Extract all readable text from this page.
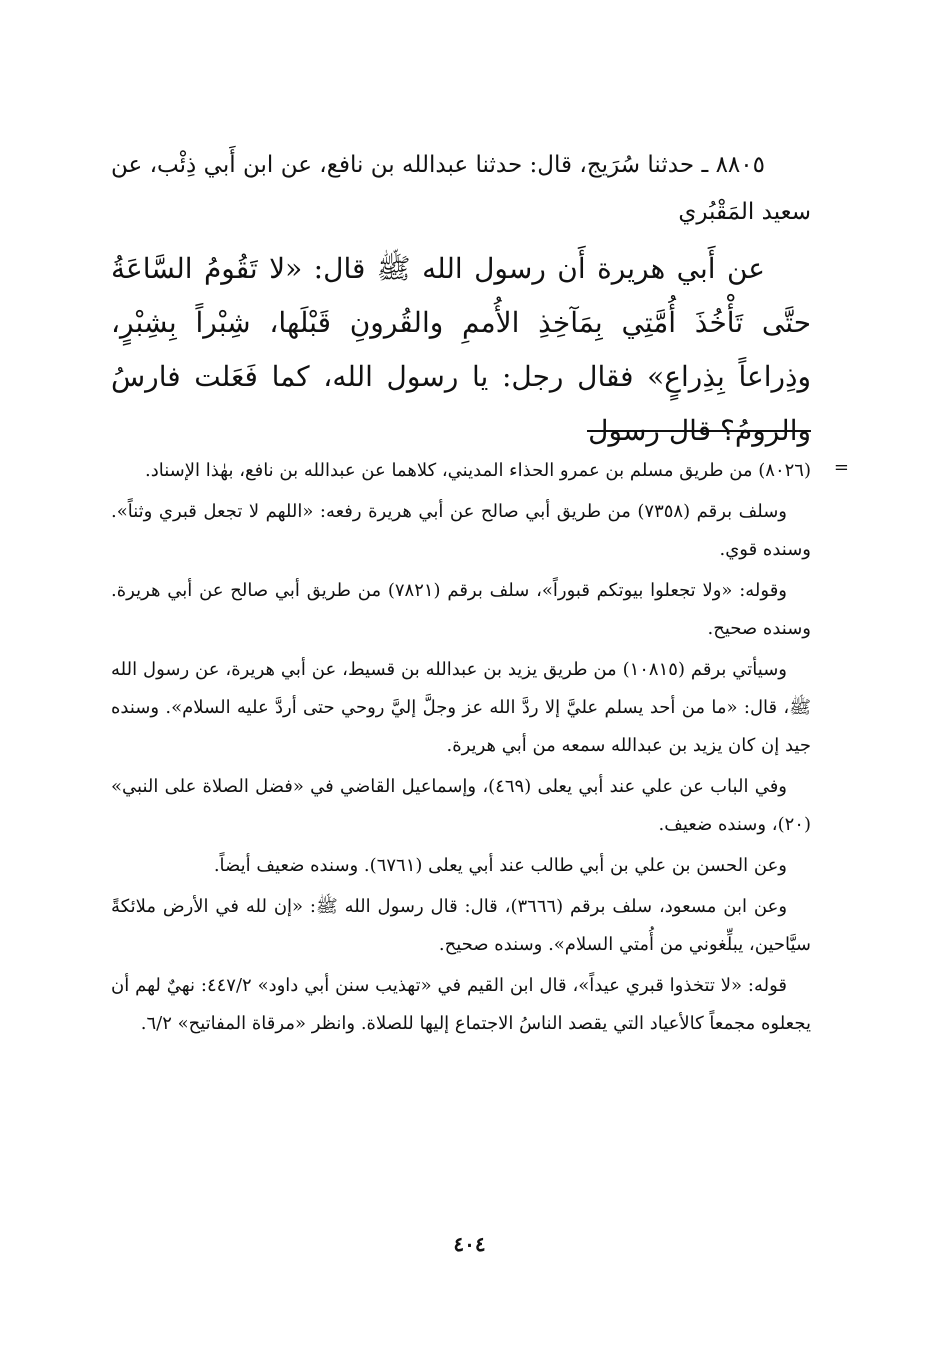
٨٨٠٥ ـ حدثنا سُرَيج، قال: حدثنا عبدالله بن نافع، عن ابن أَبي ذِئْب، عن سعيد المَقْبُري

عن أَبي هريرة أَن رسول الله ﷺ قال: «لا تَقُومُ السَّاعَةُ حتَّى تَأْخُذَ أُمَّتِي بِمَآخِذِ الأُممِ والقُرونِ قَبْلَها، شِبْراً بِشِبْرٍ، وذِراعاً بِذِراعٍ» فقال رجل: يا رسول الله، كما فَعَلت فارسُ والرومُ؟ قال رسول

=

(٨٠٢٦) من طريق مسلم بن عمرو الحذاء المديني، كلاهما عن عبدالله بن نافع، بهٰذا الإسناد.

وسلف برقم (٧٣٥٨) من طريق أبي صالح عن أبي هريرة رفعه: «اللهم لا تجعل قبري وثناً». وسنده قوي.

وقوله: «ولا تجعلوا بيوتكم قبوراً»، سلف برقم (٧٨٢١) من طريق أبي صالح عن أبي هريرة. وسنده صحيح.

وسيأتي برقم (١٠٨١٥) من طريق يزيد بن عبدالله بن قسيط، عن أبي هريرة، عن رسول الله ﷺ، قال: «ما من أحد يسلم عليَّ إلا ردَّ الله عز وجلَّ إليَّ روحي حتى أردَّ عليه السلام». وسنده جيد إن كان يزيد بن عبدالله سمعه من أبي هريرة.

وفي الباب عن علي عند أبي يعلى (٤٦٩)، وإسماعيل القاضي في «فضل الصلاة على النبي» (٢٠)، وسنده ضعيف.

وعن الحسن بن علي بن أبي طالب عند أبي يعلى (٦٧٦١). وسنده ضعيف أيضاً.

وعن ابن مسعود، سلف برقم (٣٦٦٦)، قال: قال رسول الله ﷺ: «إن لله في الأرض ملائكةً سيَّاحين، يبلِّغوني من أُمتي السلام». وسنده صحيح.

قوله: «لا تتخذوا قبري عيداً»، قال ابن القيم في «تهذيب سنن أبي داود» ٤٤٧/٢: نهيٌ لهم أن يجعلوه مجمعاً كالأعياد التي يقصد الناسُ الاجتماع إليها للصلاة. وانظر «مرقاة المفاتيح» ٦/٢.

٤٠٤
